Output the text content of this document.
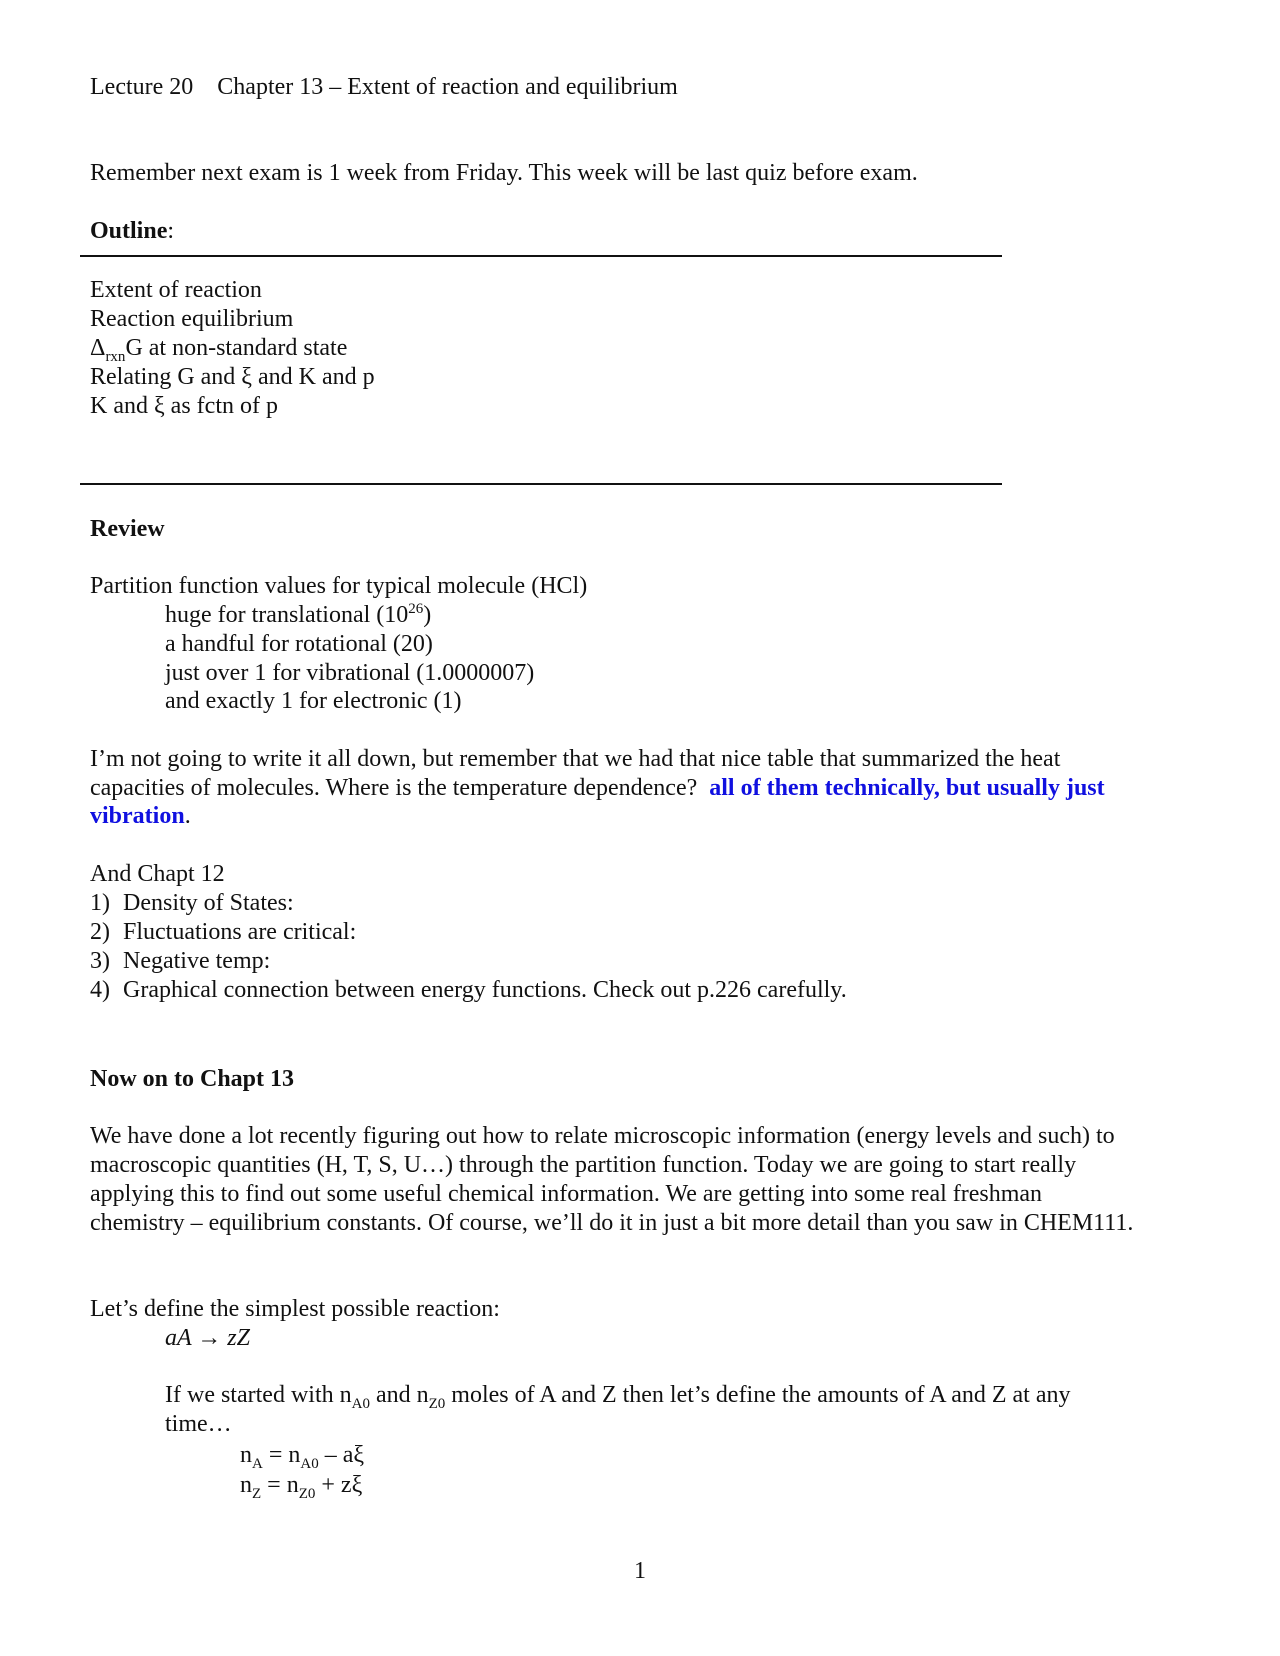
Lecture 20 Chapter 13 – Extent of reaction and equilibrium
Remember next exam is 1 week from Friday. This week will be last quiz before exam.
Outline:
Extent of reaction
Reaction equilibrium
$\Delta_{rxn}G$ at non-standard state
Relating G and ξ and K and p
K and ξ as fctn of p
Review
Partition function values for typical molecule (HCl)
huge for translational $(10^{26})$
a handful for rotational (20)
just over 1 for vibrational (1.0000007)
and exactly 1 for electronic (1)
I’m not going to write it all down, but remember that we had that nice table that summarized the heat
capacities of molecules. Where is the temperature dependence? all of them technically, but usually just
vibration.
And Chapt 12
1) Density of States:
2) Fluctuations are critical:
3) Negative temp:
4) Graphical connection between energy functions. Check out p.226 carefully.
Now on to Chapt 13
We have done a lot recently figuring out how to relate microscopic information (energy levels and such) to
macroscopic quantities (H, T, S, U…) through the partition function. Today we are going to start really
applying this to find out some useful chemical information. We are getting into some real freshman
chemistry – equilibrium constants. Of course, we’ll do it in just a bit more detail than you saw in CHEM111.
Let’s define the simplest possible reaction:
aA → zZ
If we started with $n_{A0}$ and $n_{Z0}$ moles of A and Z then let’s define the amounts of A and Z at any
time…
$n_A = n_{A0} - a\xi$
$n_Z = n_{Z0} + z\xi$
1
